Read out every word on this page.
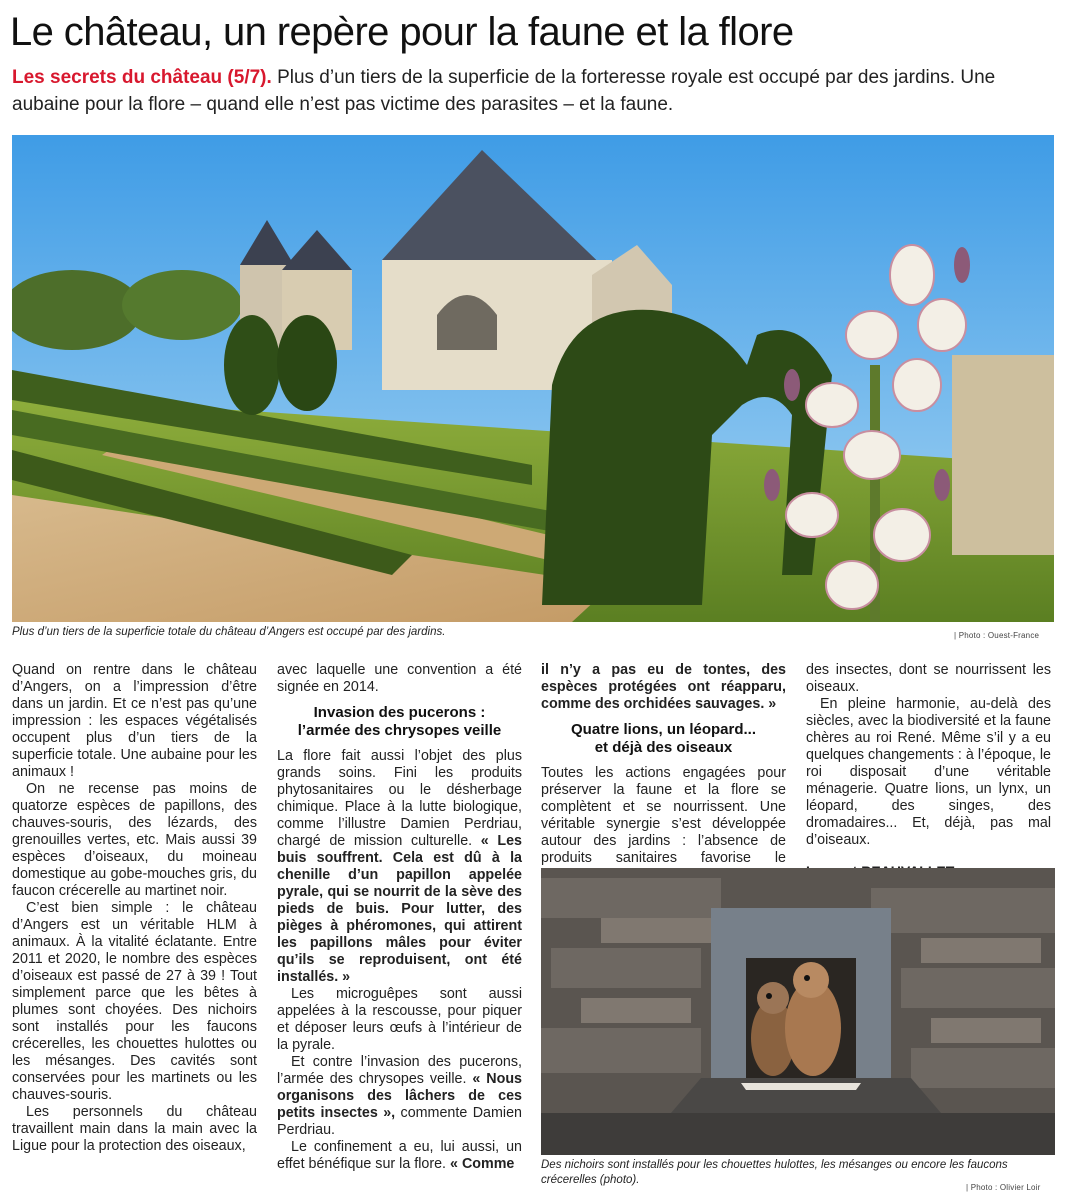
Le château, un repère pour la faune et la flore

Les secrets du château (5/7). Plus d’un tiers de la superficie de la forteresse royale est occupé par des jardins. Une aubaine pour la flore – quand elle n’est pas victime des parasites – et la faune.

Plus d’un tiers de la superficie totale du château d’Angers est occupé par des jardins.	| Photo : Ouest-France

Quand on rentre dans le château d’Angers, on a l’impression d’être dans un jardin. Et ce n’est pas qu’une impression : les espaces végétalisés occupent plus d’un tiers de la superficie totale. Une aubaine pour les animaux !

On ne recense pas moins de quatorze espèces de papillons, des chauves-souris, des lézards, des grenouilles vertes, etc. Mais aussi 39 espèces d’oiseaux, du moineau domestique au gobe-mouches gris, du faucon crécerelle au martinet noir.

C’est bien simple : le château d’Angers est un véritable HLM à animaux. À la vitalité éclatante. Entre 2011 et 2020, le nombre des espèces d’oiseaux est passé de 27 à 39 ! Tout simplement parce que les bêtes à plumes sont choyées. Des nichoirs sont installés pour les faucons crécerelles, les chouettes hulottes ou les mésanges. Des cavités sont conservées pour les martinets ou les chauves-souris.

Les personnels du château travaillent main dans la main avec la Ligue pour la protection des oiseaux,

avec laquelle une convention a été signée en 2014.

Invasion des pucerons :
l’armée des chrysopes veille

La flore fait aussi l’objet des plus grands soins. Fini les produits phytosanitaires ou le désherbage chimique. Place à la lutte biologique, comme l’illustre Damien Perdriau, chargé de mission culturelle. « Les buis souffrent. Cela est dû à la chenille d’un papillon appelée pyrale, qui se nourrit de la sève des pieds de buis. Pour lutter, des pièges à phéromones, qui attirent les papillons mâles pour éviter qu’ils se reproduisent, ont été installés. »

Les microguêpes sont aussi appelées à la rescousse, pour piquer et déposer leurs œufs à l’intérieur de la pyrale.

Et contre l’invasion des pucerons, l’armée des chrysopes veille. « Nous organisons des lâchers de ces petits insectes », commente Damien Perdriau.

Le confinement a eu, lui aussi, un effet bénéfique sur la flore. « Comme

il n’y a pas eu de tontes, des espèces protégées ont réapparu, comme des orchidées sauvages. »

Quatre lions, un léopard...
et déjà des oiseaux

Toutes les actions engagées pour préserver la faune et la flore se complètent et se nourrissent. Une véritable synergie s’est développée autour des jardins : l’absence de produits sanitaires favorise le

des insectes, dont se nourrissent les oiseaux.

En pleine harmonie, au-delà des siècles, avec la biodiversité et la faune chères au roi René. Même s’il y a eu quelques changements : à l’époque, le roi disposait d’une véritable ménagerie. Quatre lions, un lynx, un léopard, des singes, des dromadaires... Et, déjà, pas mal d’oiseaux.

Des nichoirs sont installés pour les chouettes hulottes, les mésanges ou encore les faucons crécerelles (photo).
| Photo : Olivier Loir
